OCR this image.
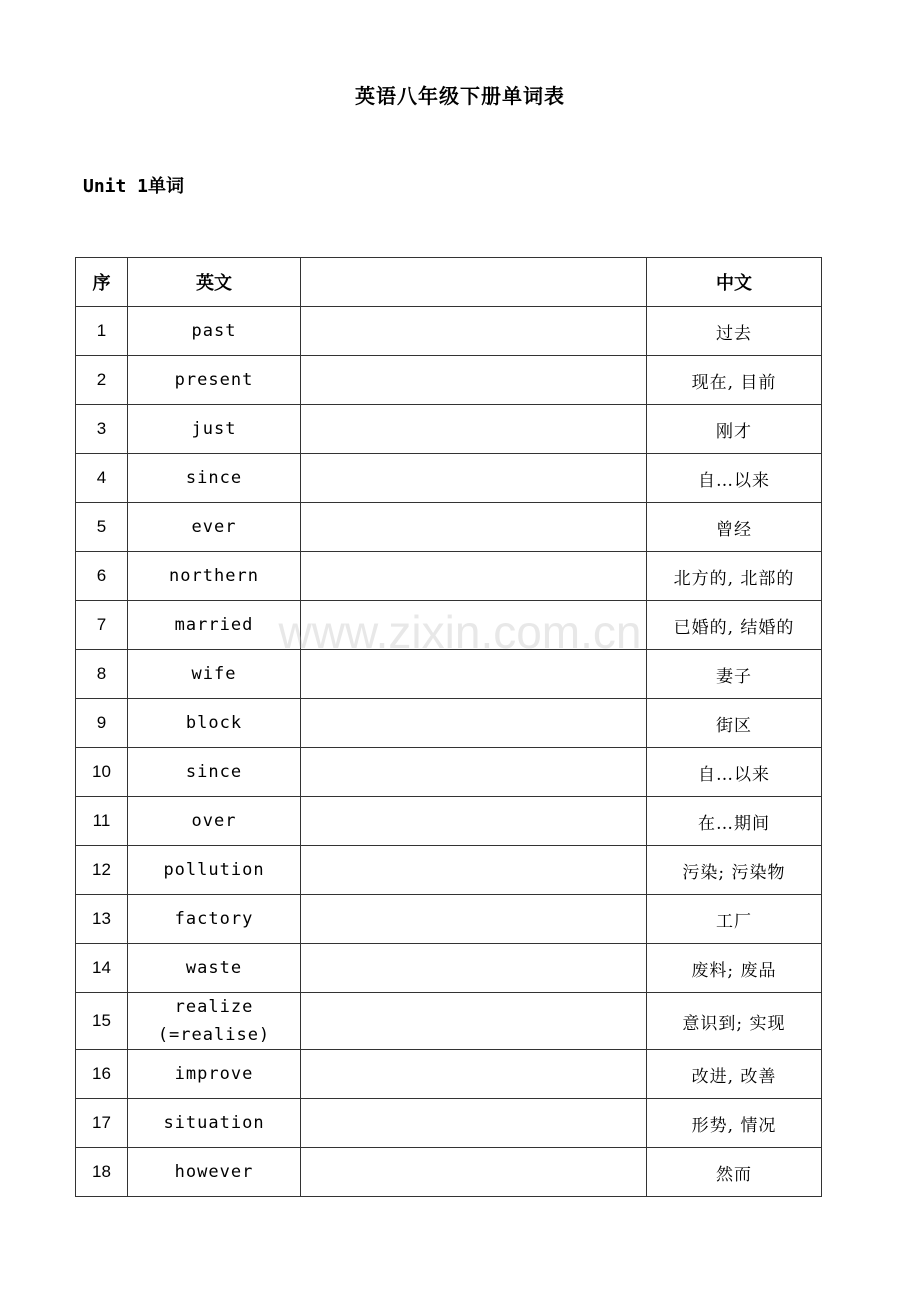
英语八年级下册单词表
Unit 1单词
序	英文		中文
1	past		过去
2	present		现在, 目前
3	just		刚才
4	since		自…以来
5	ever		曾经
6	northern		北方的, 北部的
7	married		已婚的, 结婚的
8	wife		妻子
9	block		街区
10	since		自…以来
11	over		在…期间
12	pollution		污染; 污染物
13	factory		工厂
14	waste		废料; 废品
15	realize
(=realise)		意识到; 实现
16	improve		改进, 改善
17	situation		形势, 情况
18	however		然而
www.zixin.com.cn
